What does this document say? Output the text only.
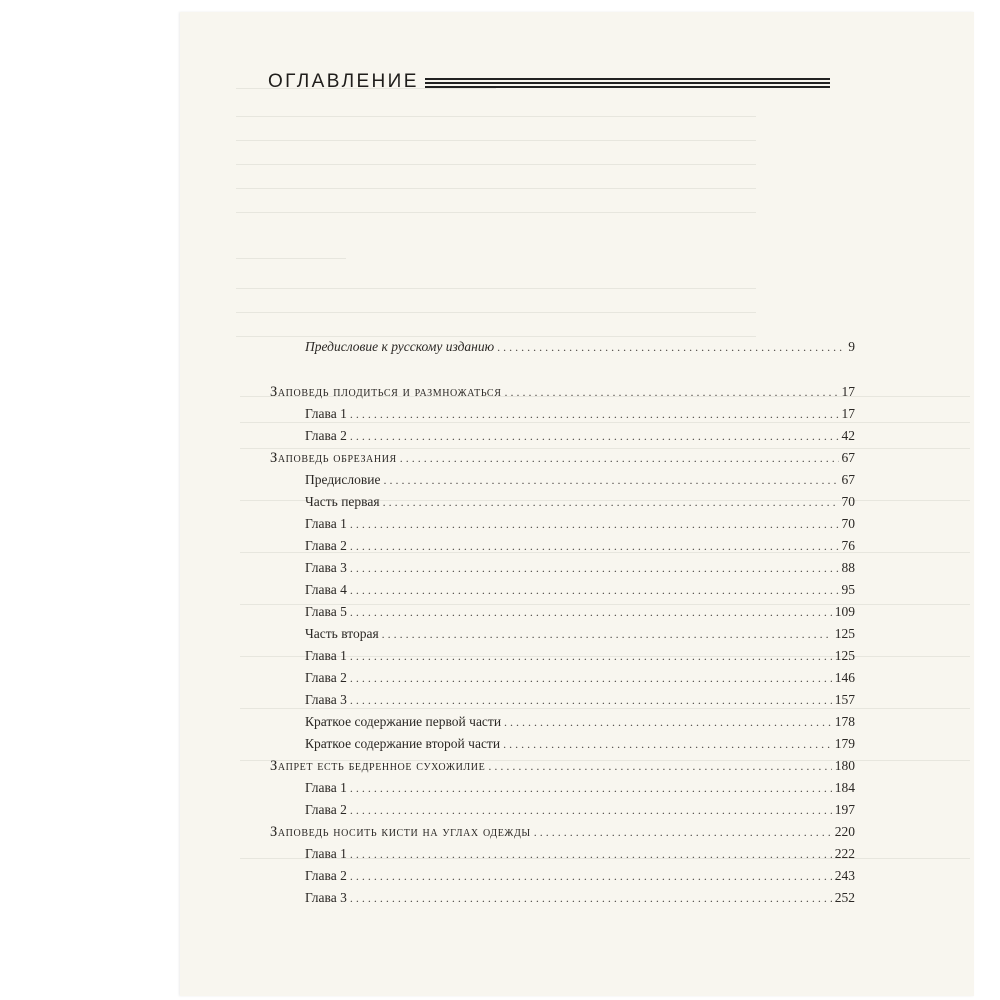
ОГЛАВЛЕНИЕ
Предисловие к русскому изданию . . .	9
Заповедь плодиться и размножаться . . .	17
Глава 1 . . .	17
Глава 2 . . .	42
Заповедь обрезания . . .	67
Предисловие . . .	67
Часть первая . . .	70
Глава 1 . . .	70
Глава 2 . . .	76
Глава 3 . . .	88
Глава 4 . . .	95
Глава 5 . . .	109
Часть вторая . . .	125
Глава 1 . . .	125
Глава 2 . . .	146
Глава 3 . . .	157
Краткое содержание первой части . . .	178
Краткое содержание второй части . . .	179
Запрет есть бедренное сухожилие . . .	180
Глава 1 . . .	184
Глава 2 . . .	197
Заповедь носить кисти на углах одежды . . .	220
Глава 1 . . .	222
Глава 2 . . .	243
Глава 3 . . .	252
